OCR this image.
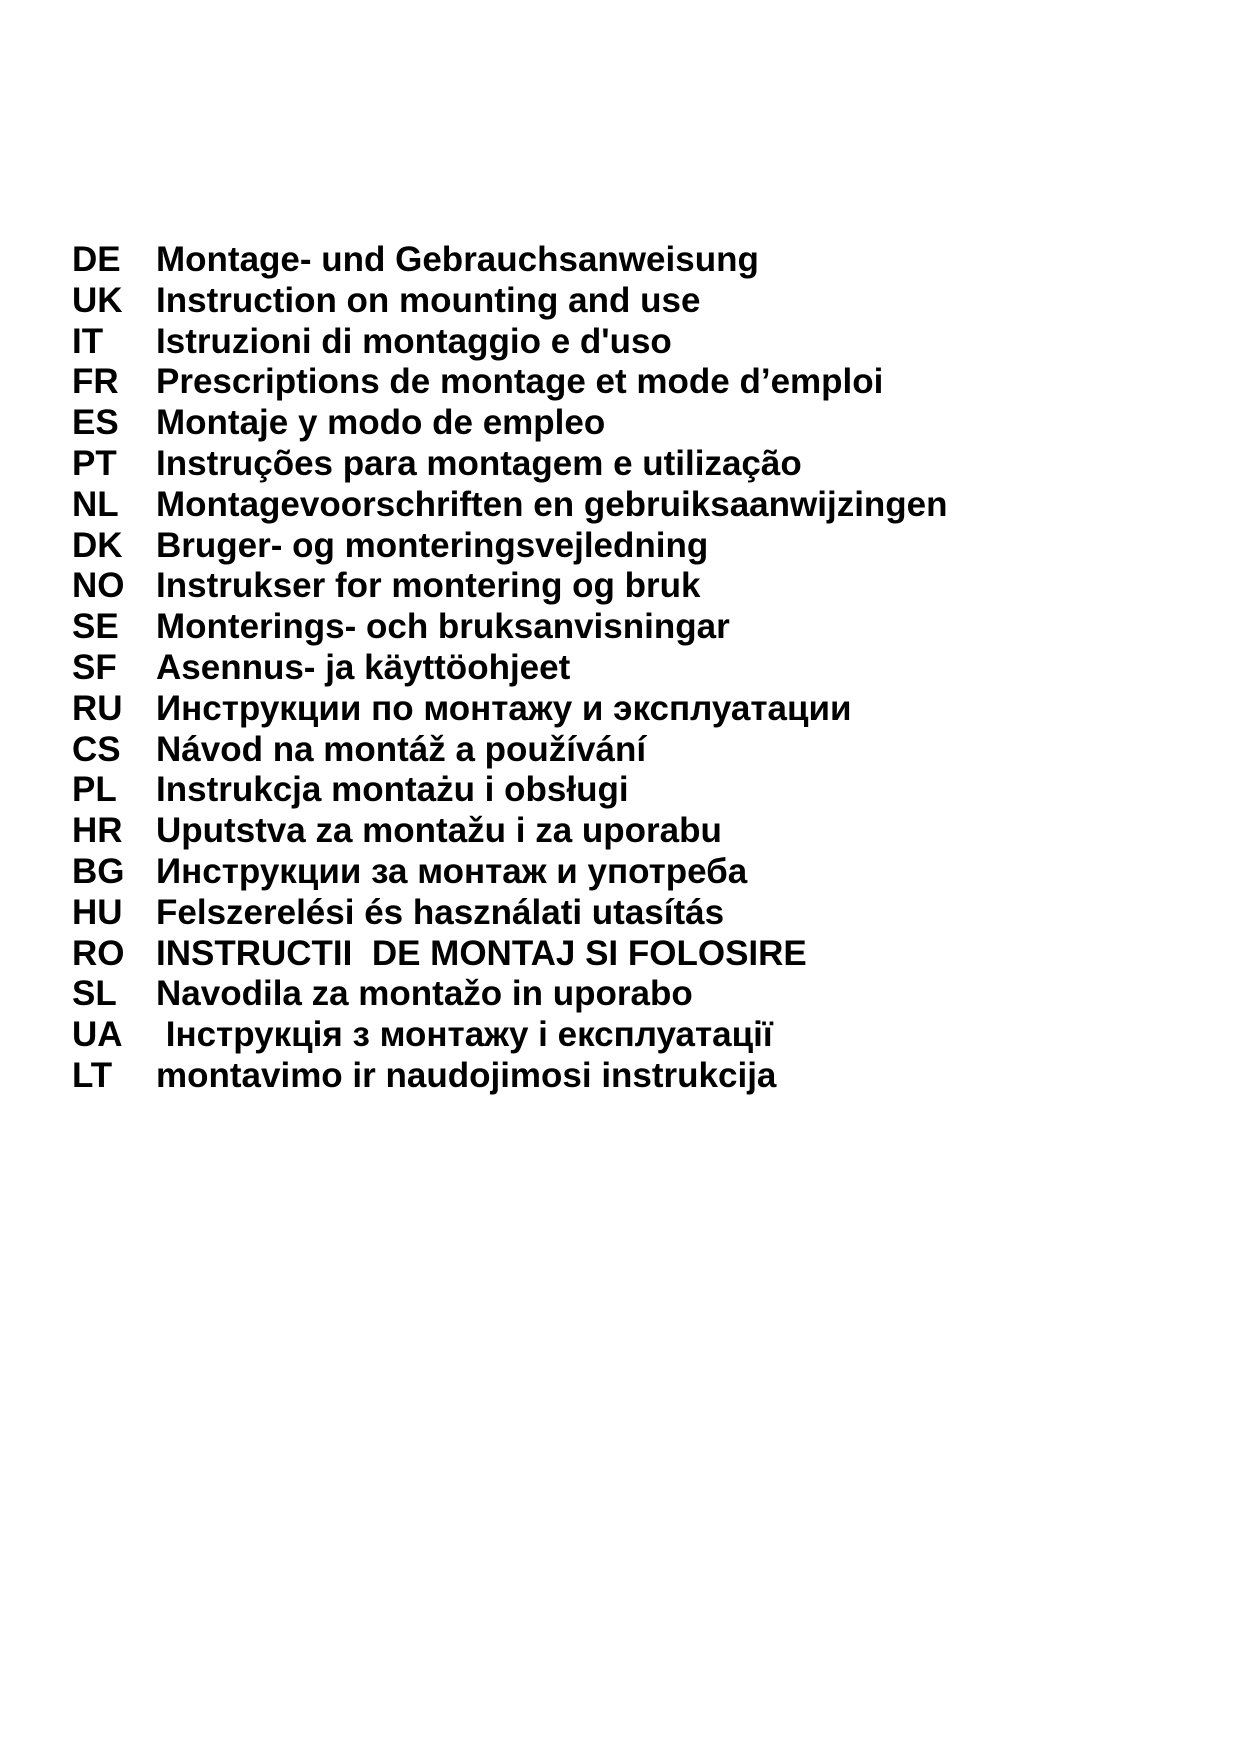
DE Montage- und Gebrauchsanweisung
UK Instruction on mounting and use
IT Istruzioni di montaggio e d'uso
FR Prescriptions de montage et mode d’emploi
ES Montaje y modo de empleo
PT Instruções para montagem e utilização
NL Montagevoorschriften en gebruiksaanwijzingen
DK Bruger- og monteringsvejledning
NO Instrukser for montering og bruk
SE Monterings- och bruksanvisningar
SF Asennus- ja käyttöohjeet
RU Инструкции по монтажу и эксплуатации
CS Návod na montáž a používání
PL Instrukcja montażu i obsługi
HR Uputstva za montažu i za uporabu
BG Инструкции за монтаж и употреба
HU Felszerelési és használati utasítás
RO INSTRUCTII  DE MONTAJ SI FOLOSIRE
SL Navodila za montažo in uporabo
UA Інструкція з монтажу і експлуатації
LT montavimo ir naudojimosi instrukcija
